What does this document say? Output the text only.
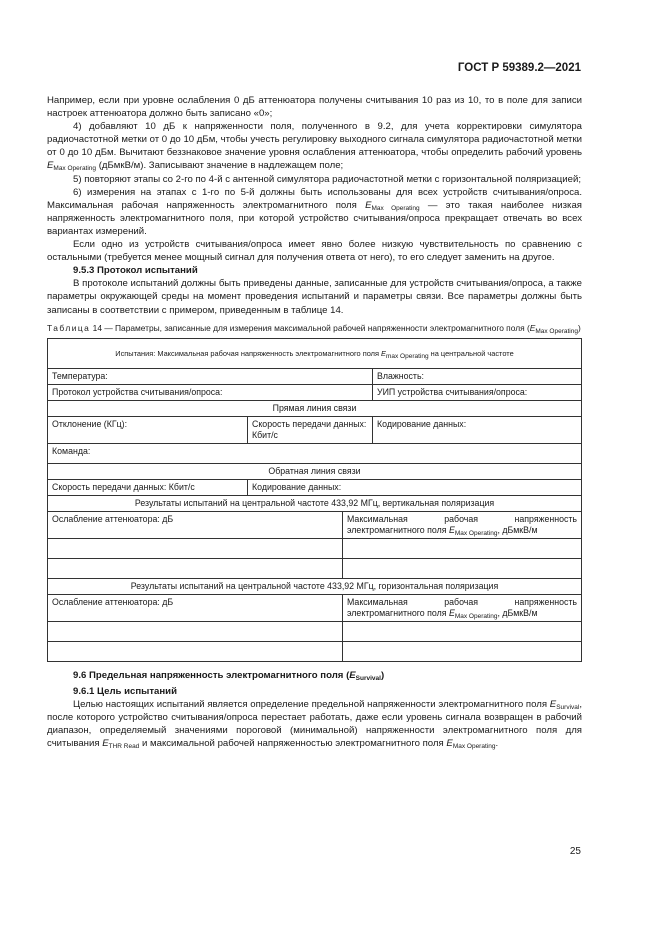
ГОСТ Р 59389.2—2021

Например, если при уровне ослабления 0 дБ аттенюатора получены считывания 10 раз из 10, то в поле для записи настроек аттенюатора должно быть записано «0»;

4) добавляют 10 дБ к напряженности поля, полученного в 9.2, для учета корректировки симулятора радиочастотной метки от 0 до 10 дБм, чтобы учесть регулировку выходного сигнала симулятора радиочастотной метки от 0 до 10 дБм. Вычитают беззнаковое значение уровня ослабления аттенюатора, чтобы определить рабочий уровень $E_{Max Operating}$ (дБмкВ/м). Записывают значение в надлежащем поле;

5) повторяют этапы со 2-го по 4-й с антенной симулятора радиочастотной метки с горизонтальной поляризацией;

6) измерения на этапах с 1-го по 5-й должны быть использованы для всех устройств считывания/опроса. Максимальная рабочая напряженность электромагнитного поля $E_{Max Operating}$ — это такая наиболее низкая напряженность электромагнитного поля, при которой устройство считывания/опроса прекращает отвечать во всех вариантах измерений.

Если одно из устройств считывания/опроса имеет явно более низкую чувствительность по сравнению с остальными (требуется менее мощный сигнал для получения ответа от него), то его следует заменить на другое.

9.5.3 Протокол испытаний

В протоколе испытаний должны быть приведены данные, записанные для устройств считывания/опроса, а также параметры окружающей среды на момент проведения испытаний и параметры связи. Все параметры должны быть записаны в соответствии с примером, приведенным в таблице 14.

Таблица 14 — Параметры, записанные для измерения максимальной рабочей напряженности электромагнитного поля $(E_{Max Operating})$

Испытания: Максимальная рабочая напряженность электромагнитного поля $E_{max Operating}$ на центральной частоте			
Температура:			Влажность:
Протокол устройства считывания/опроса:			УИП устройства считывания/опроса:
Прямая линия связи			
Отклонение (КГц):	Скорость передачи данных: Кбит/с		Кодирование данных:
Команда:			
Обратная линия связи			
Скорость передачи данных: Кбит/с	Кодирование данных:		
Результаты испытаний на центральной частоте 433,92 МГц, вертикальная поляризация			
Ослабление аттенюатора: дБ		Максимальная рабочая напряженность электромагнитного поля $E_{Max Operating}$, дБмкВ/м	

Результаты испытаний на центральной частоте 433,92 МГц, горизонтальная поляризация			
Ослабление аттенюатора: дБ		Максимальная рабочая напряженность электромагнитного поля $E_{Max Operating}$, дБмкВ/м	

9.6 Предельная напряженность электромагнитного поля $(E_{Survival})$

9.6.1 Цель испытаний

Целью настоящих испытаний является определение предельной напряженности электромагнитного поля $E_{Survival}$, после которого устройство считывания/опроса перестает работать, даже если уровень сигнала возвращен в рабочий диапазон, определяемый значениями пороговой (минимальной) напряженности электромагнитного поля для считывания $E_{THR Read}$ и максимальной рабочей напряженностью электромагнитного поля $E_{Max Operating}$.

25
